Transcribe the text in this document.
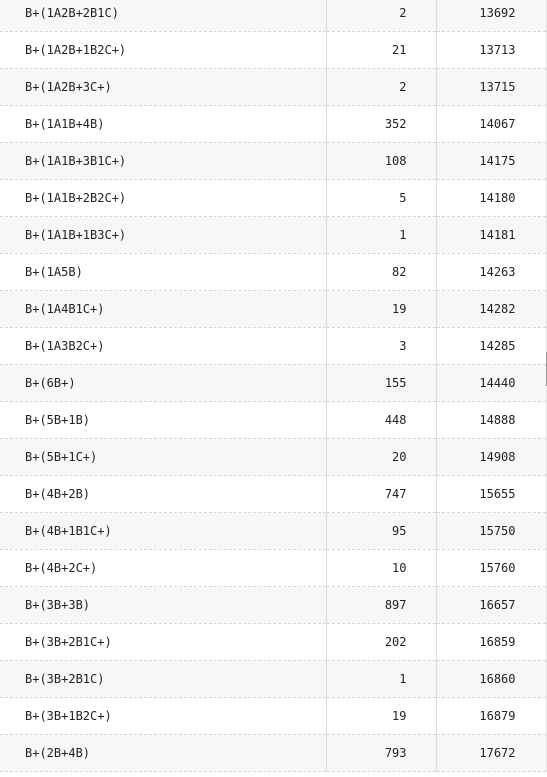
B+(1A2B+2B1C)	2	13692
B+(1A2B+1B2C+)	21	13713
B+(1A2B+3C+)	2	13715
B+(1A1B+4B)	352	14067
B+(1A1B+3B1C+)	108	14175
B+(1A1B+2B2C+)	5	14180
B+(1A1B+1B3C+)	1	14181
B+(1A5B)	82	14263
B+(1A4B1C+)	19	14282
B+(1A3B2C+)	3	14285
B+(6B+)	155	14440
B+(5B+1B)	448	14888
B+(5B+1C+)	20	14908
B+(4B+2B)	747	15655
B+(4B+1B1C+)	95	15750
B+(4B+2C+)	10	15760
B+(3B+3B)	897	16657
B+(3B+2B1C+)	202	16859
B+(3B+2B1C)	1	16860
B+(3B+1B2C+)	19	16879
B+(2B+4B)	793	17672
